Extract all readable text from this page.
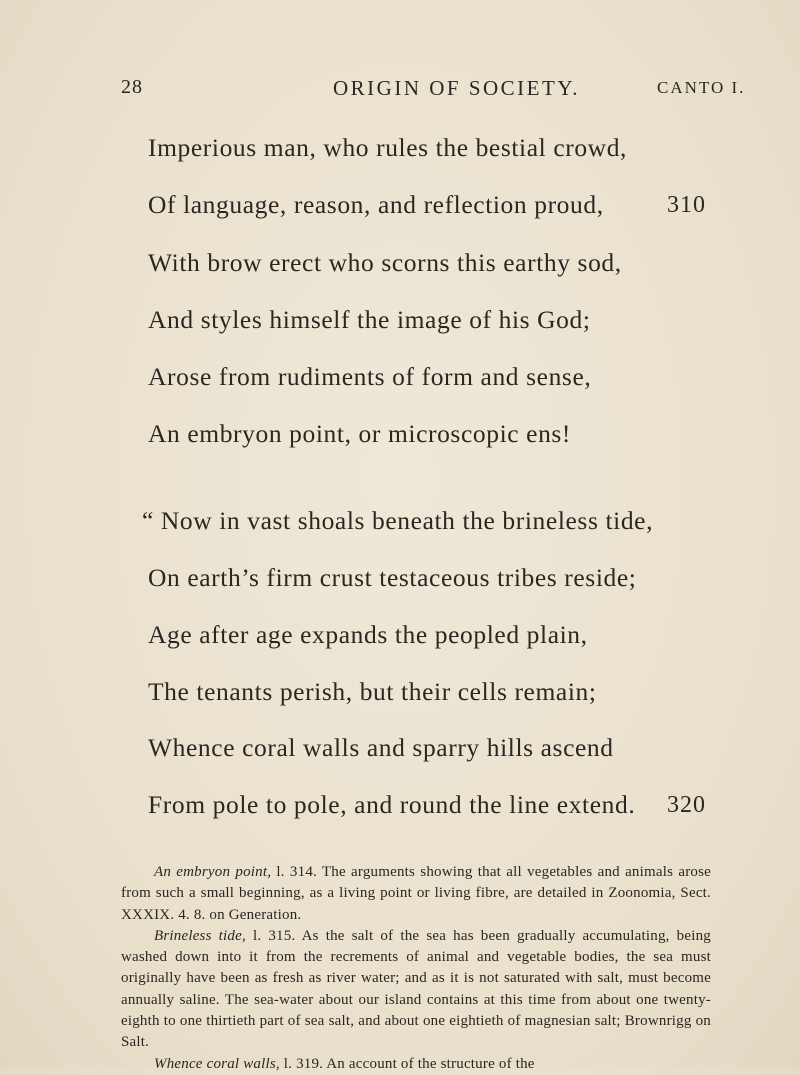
28	ORIGIN OF SOCIETY.	CANTO I.
Imperious man, who rules the bestial crowd,
Of language, reason, and reflection proud,	310
With brow erect who scorns this earthy sod,
And styles himself the image of his God;
Arose from rudiments of form and sense,
An embryon point, or microscopic ens!
“ Now in vast shoals beneath the brineless tide,
On earth’s firm crust testaceous tribes reside;
Age after age expands the peopled plain,
The tenants perish, but their cells remain;
Whence coral walls and sparry hills ascend
From pole to pole, and round the line extend. 320

An embryon point, l. 314. The arguments showing that all vegetables and animals arose from such a small beginning, as a living point or living fibre, are detailed in Zoonomia, Sect. XXXIX. 4. 8. on Generation.

Brineless tide, l. 315. As the salt of the sea has been gradually accumulating, being washed down into it from the recrements of animal and vegetable bodies, the sea must originally have been as fresh as river water; and as it is not saturated with salt, must become annually saline. The sea-water about our island contains at this time from about one twenty-eighth to one thirtieth part of sea salt, and about one eightieth of magnesian salt; Brownrigg on Salt.

Whence coral walls, l. 319. An account of the structure of the
